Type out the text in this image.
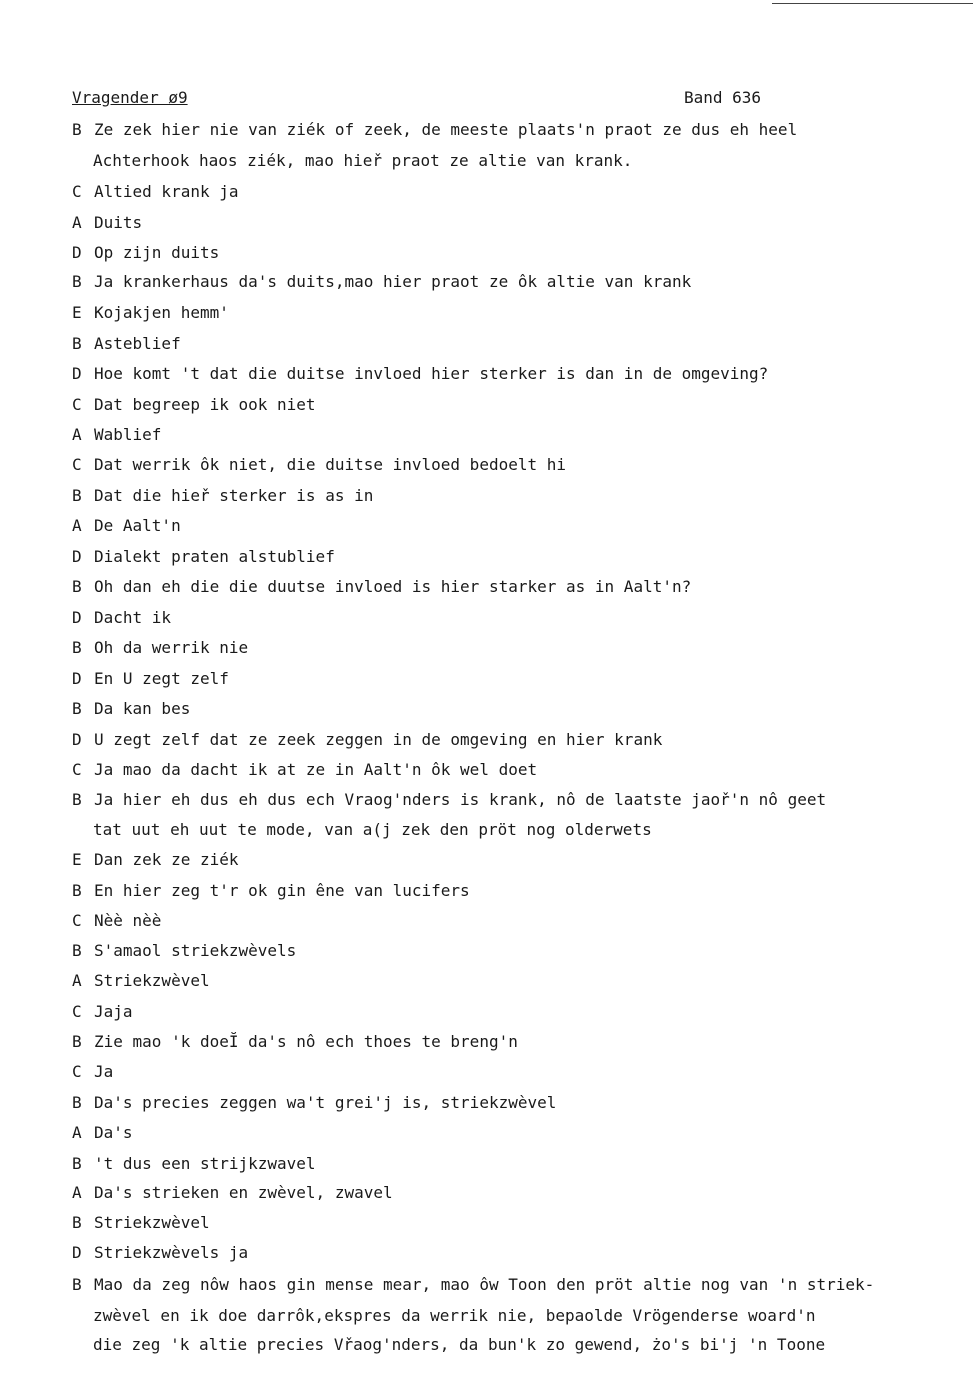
Vragender ø9	Band 636
B Ze zek hier nie van ziék of zeek, de meeste plaats'n praot ze dus eh heel
Achterhook haos ziék, mao hieř praot ze altie van krank.
C Altied krank ja
A Duits
D Op zijn duits
B Ja krankerhaus da's duits,mao hier praot ze ôk altie van krank
E Kojakjen hemm'
B Asteblief
D Hoe komt 't dat die duitse invloed hier sterker is dan in de omgeving?
C Dat begreep ik ook niet
A Wablief
C Dat werrik ôk niet, die duitse invloed bedoelt hi
B Dat die hieř sterker is as in
A De Aalt'n
D Dialekt praten alstublief
B Oh dan eh die die duutse invloed is hier starker as in Aalt'n?
D Dacht ik
B Oh da werrik nie
D En U zegt zelf
B Da kan bes
D U zegt zelf dat ze zeek zeggen in de omgeving en hier krank
C Ja mao da dacht ik at ze in Aalt'n ôk wel doet
B Ja hier eh dus eh dus ech Vraog'nders is krank, nô de laatste jaoř'n nô geet
tat uut eh uut te mode, van a(j zek den pröt nog olderwets
E Dan zek ze ziék
B En hier zeg t'r ok gin êne van lucifers
C Nèè nèè
B S'amaol striekzwèvels
A Striekzwèvel
C Jaja
B Zie mao 'k doeĬ da's nô ech thoes te breng'n
C Ja
B Da's precies zeggen wa't grei'j is, striekzwèvel
A Da's
B 't dus een strijkzwavel
A Da's strieken en zwèvel, zwavel
B Striekzwèvel
D Striekzwèvels ja
B Mao da zeg nôw haos gin mense mear, mao ôw Toon den pröt altie nog van 'n striek-
zwèvel en ik doe darrôk,ekspres da werrik nie, bepaolde Vrögenderse woard'n
die zeg 'k altie precies Vřaog'nders, da bun'k zo gewend, żo's bi'j 'n Toone
